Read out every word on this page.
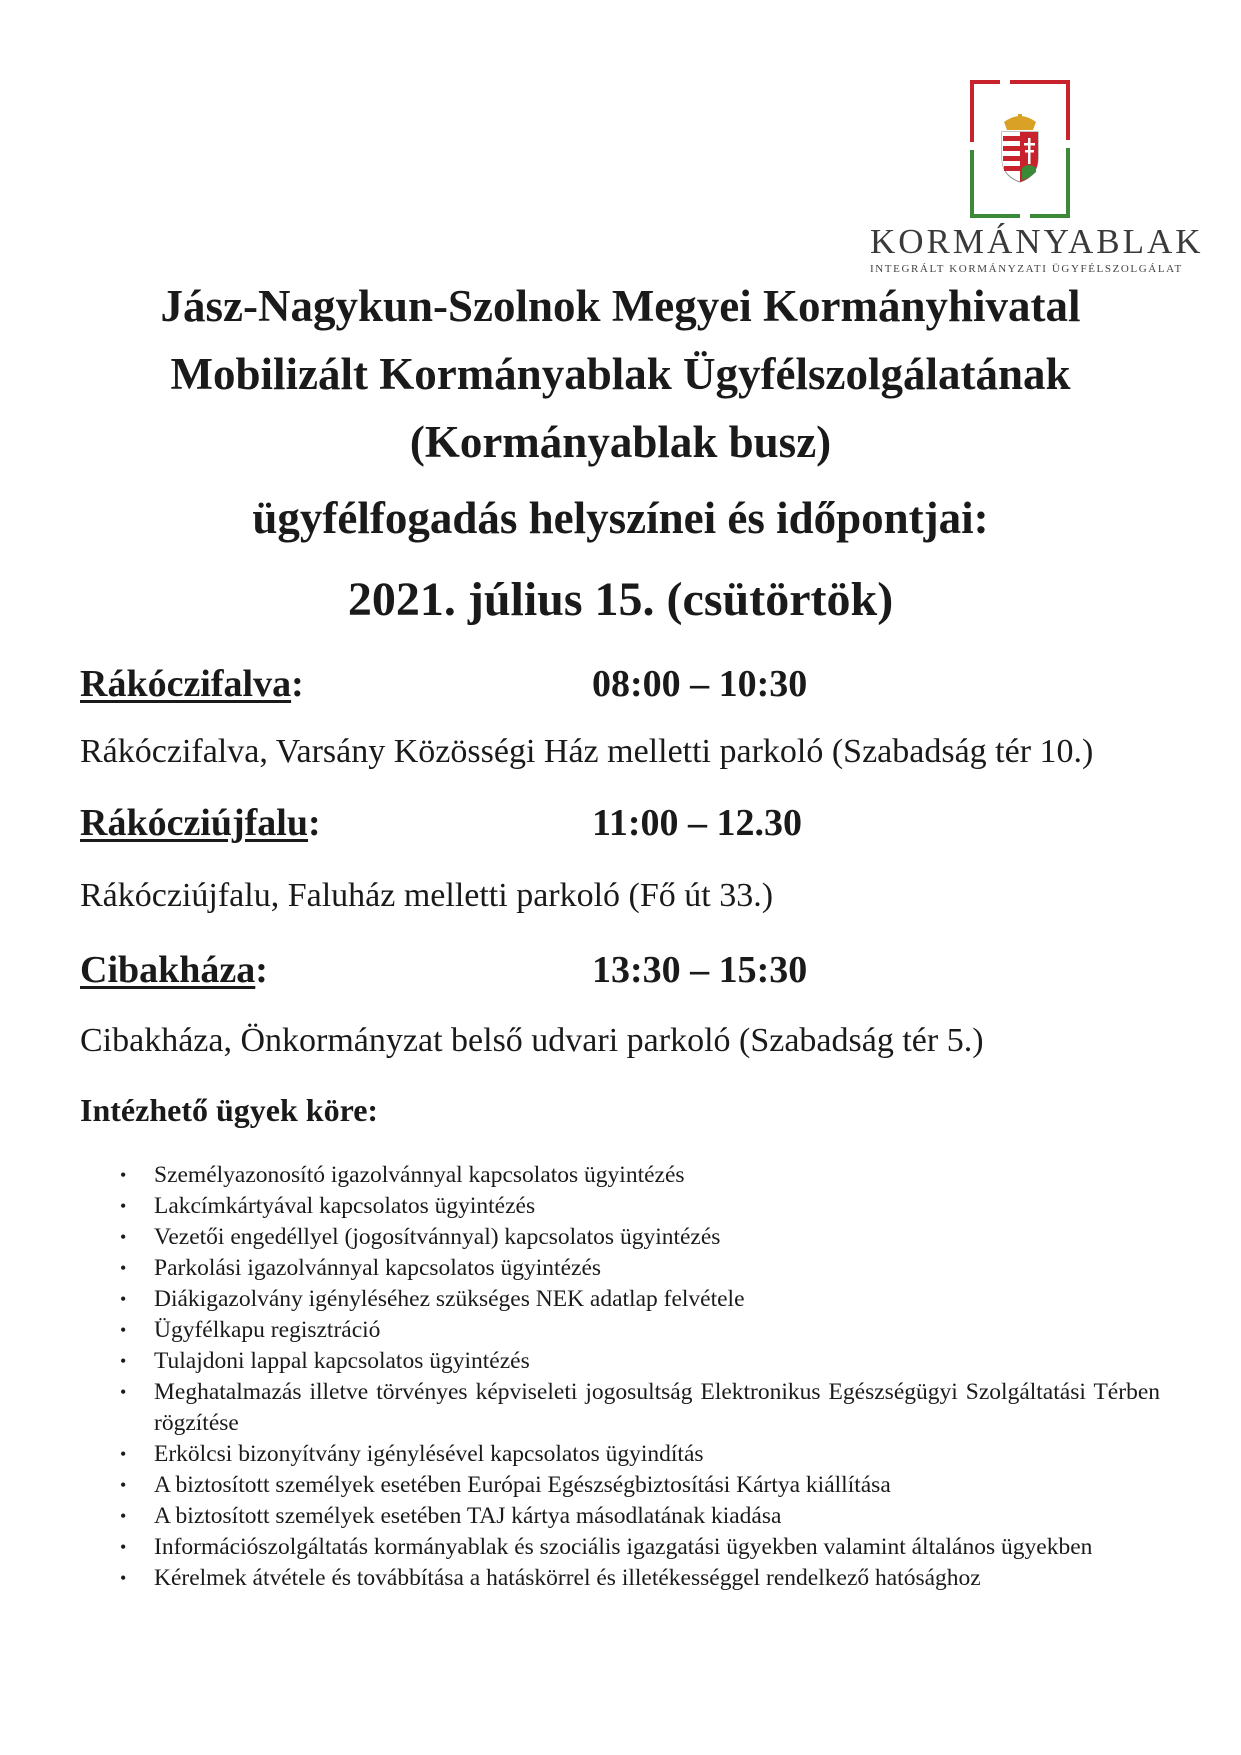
KORMÁNYABLAK
INTEGRÁLT KORMÁNYZATI ÜGYFÉLSZOLGÁLAT
Jász-Nagykun-Szolnok Megyei Kormányhivatal
Mobilizált Kormányablak Ügyfélszolgálatának
(Kormányablak busz)
ügyfélfogadás helyszínei és időpontjai:
2021. július 15. (csütörtök)
Rákóczifalva:	08:00 – 10:30
Rákóczifalva, Varsány Közösségi Ház melletti parkoló (Szabadság tér 10.)
Rákócziújfalu:	11:00 – 12.30
Rákócziújfalu, Faluház melletti parkoló (Fő út 33.)
Cibakháza:	13:30 – 15:30
Cibakháza, Önkormányzat belső udvari parkoló (Szabadság tér 5.)
Intézhető ügyek köre:
• Személyazonosító igazolvánnyal kapcsolatos ügyintézés
• Lakcímkártyával kapcsolatos ügyintézés
• Vezetői engedéllyel (jogosítvánnyal) kapcsolatos ügyintézés
• Parkolási igazolvánnyal kapcsolatos ügyintézés
• Diákigazolvány igényléséhez szükséges NEK adatlap felvétele
• Ügyfélkapu regisztráció
• Tulajdoni lappal kapcsolatos ügyintézés
• Meghatalmazás illetve törvényes képviseleti jogosultság Elektronikus Egészségügyi Szolgáltatási Térben rögzítése
• Erkölcsi bizonyítvány igénylésével kapcsolatos ügyindítás
• A biztosított személyek esetében Európai Egészségbiztosítási Kártya kiállítása
• A biztosított személyek esetében TAJ kártya másodlatának kiadása
• Információszolgáltatás kormányablak és szociális igazgatási ügyekben valamint általános ügyekben
• Kérelmek átvétele és továbbítása a hatáskörrel és illetékességgel rendelkező hatósághoz
